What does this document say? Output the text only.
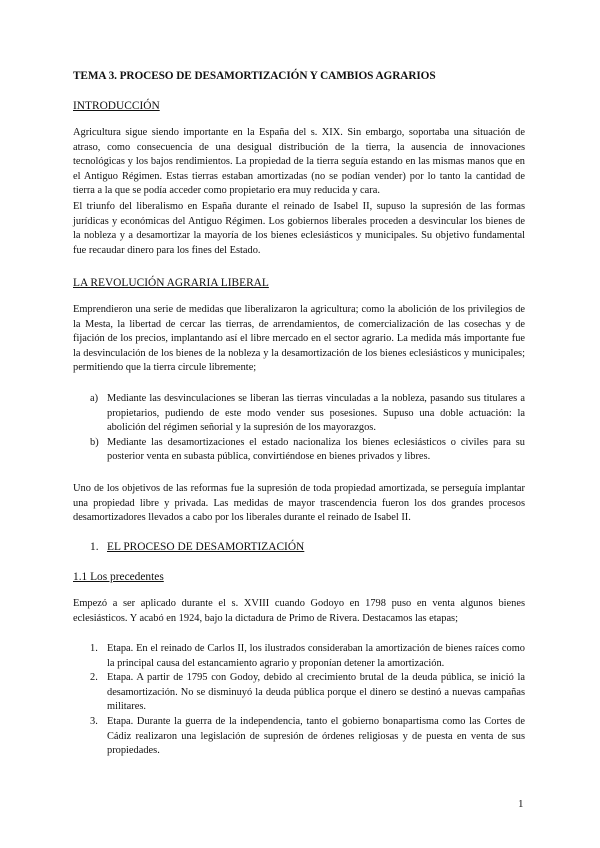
TEMA 3. PROCESO DE DESAMORTIZACIÓN Y CAMBIOS AGRARIOS
INTRODUCCIÓN

Agricultura sigue siendo importante en la España del s. XIX. Sin embargo, soportaba una situación de atraso, como consecuencia de una desigual distribución de la tierra, la ausencia de innovaciones tecnológicas y los bajos rendimientos. La propiedad de la tierra seguía estando en las mismas manos que en el Antiguo Régimen. Estas tierras estaban amortizadas (no se podían vender) por lo tanto la cantidad de tierra a la que se podía acceder como propietario era muy reducida y cara.

El triunfo del liberalismo en España durante el reinado de Isabel II, supuso la supresión de las formas jurídicas y económicas del Antiguo Régimen. Los gobiernos liberales proceden a desvincular los bienes de la nobleza y a desamortizar la mayoría de los bienes eclesiásticos y municipales. Su objetivo fundamental fue recaudar dinero para los fines del Estado.

LA REVOLUCIÓN AGRARIA LIBERAL

Emprendieron una serie de medidas que liberalizaron la agricultura; como la abolición de los privilegios de la Mesta, la libertad de cercar las tierras, de arrendamientos, de comercialización de las cosechas y de fijación de los precios, implantando así el libre mercado en el sector agrario. La medida más importante fue la desvinculación de los bienes de la nobleza y la desamortización de los bienes eclesiásticos y municipales; permitiendo que la tierra circule libremente;

a) Mediante las desvinculaciones se liberan las tierras vinculadas a la nobleza, pasando sus titulares a propietarios, pudiendo de este modo vender sus posesiones. Supuso una doble actuación: la abolición del régimen señorial y la supresión de los mayorazgos.
b) Mediante las desamortizaciones el estado nacionaliza los bienes eclesiásticos o civiles para su posterior venta en subasta pública, convirtiéndose en bienes privados y libres.

Uno de los objetivos de las reformas fue la supresión de toda propiedad amortizada, se perseguía implantar una propiedad libre y privada. Las medidas de mayor trascendencia fueron los dos grandes procesos desamortizadores llevados a cabo por los liberales durante el reinado de Isabel II.

1. EL PROCESO DE DESAMORTIZACIÓN
1.1 Los precedentes

Empezó a ser aplicado durante el s. XVIII cuando Godoyo en 1798 puso en venta algunos bienes eclesiásticos. Y acabó en 1924, bajo la dictadura de Primo de Rivera. Destacamos las etapas;

1. Etapa. En el reinado de Carlos II, los ilustrados consideraban la amortización de bienes raíces como la principal causa del estancamiento agrario y proponían detener la amortización.
2. Etapa. A partir de 1795 con Godoy, debido al crecimiento brutal de la deuda pública, se inició la desamortización. No se disminuyó la deuda pública porque el dinero se destinó a nuevas campañas militares.
3. Etapa. Durante la guerra de la independencia, tanto el gobierno bonapartisma como las Cortes de Cádiz realizaron una legislación de supresión de órdenes religiosas y de puesta en venta de sus propiedades.
1
